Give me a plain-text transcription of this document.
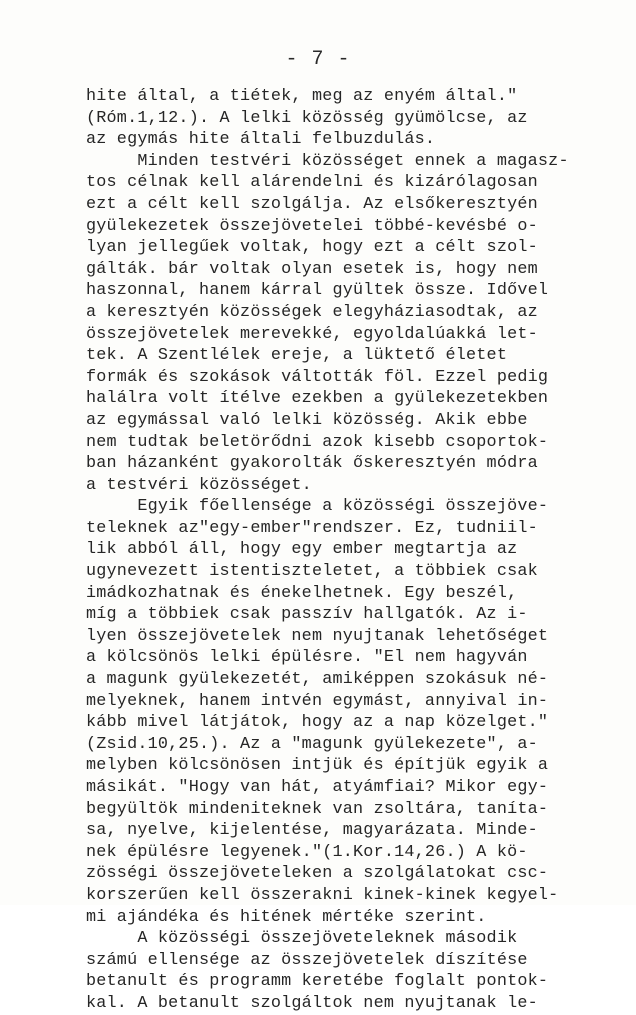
- 7 -
hite által, a tiétek, meg az enyém által."
(Róm.1,12.). A lelki közösség gyümölcse, az
az egymás hite általi felbuzdulás.
Minden testvéri közösséget ennek a magasz-
tos célnak kell alárendelni és kizárólagosan
ezt a célt kell szolgálja. Az elsőkeresztyén
gyülekezetek összejövetelei többé-kevésbé o-
lyan jellegűek voltak, hogy ezt a célt szol-
gálták. bár voltak olyan esetek is, hogy nem
haszonnal, hanem kárral gyültek össze. Idővel
a keresztyén közösségek elegyháziasodtak, az
összejövetelek merevekké, egyoldalúakká let-
tek. A Szentlélek ereje, a lüktető életet
formák és szokások váltották föl. Ezzel pedig
halálra volt ítélve ezekben a gyülekezetekben
az egymással való lelki közösség. Akik ebbe
nem tudtak beletörődni azok kisebb csoportok-
ban házanként gyakorolták őskeresztyén módra
a testvéri közösséget.
Egyik főellensége a közösségi összejöve-
teleknek az"egy-ember"rendszer. Ez, tudniil-
lik abból áll, hogy egy ember megtartja az
ugynevezett istentiszteletet, a többiek csak
imádkozhatnak és énekelhetnek. Egy beszél,
míg a többiek csak passzív hallgatók. Az i-
lyen összejövetelek nem nyujtanak lehetőséget
a kölcsönös lelki épülésre. "El nem hagyván
a magunk gyülekezetét, amiképpen szokásuk né-
melyeknek, hanem intvén egymást, annyival in-
kább mivel látjátok, hogy az a nap közelget."
(Zsid.10,25.). Az a "magunk gyülekezete", a-
melyben kölcsönösen intjük és építjük egyik a
másikát. "Hogy van hát, atyámfiai? Mikor egy-
begyültök mindeniteknek van zsoltára, taníta-
sa, nyelve, kijelentése, magyarázata. Minde-
nek épülésre legyenek."(1.Kor.14,26.) A kö-
zösségi összejöveteleken a szolgálatokat csc-
korszerűen kell összerakni kinek-kinek kegyel-
mi ajándéka és hitének mértéke szerint.
A közösségi összejöveteleknek második
számú ellensége az összejövetelek díszítése
betanult és programm keretébe foglalt pontok-
kal. A betanult szolgáltok nem nyujtanak le-
